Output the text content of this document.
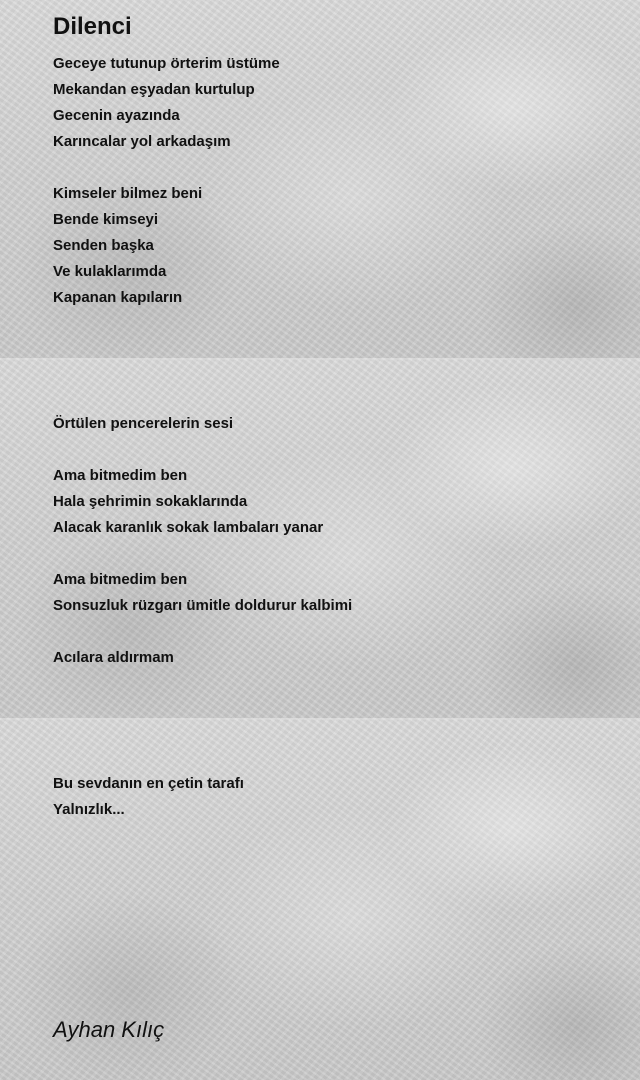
Dilenci
Geceye tutunup örterim üstüme
Mekandan eşyadan kurtulup
Gecenin ayazında
Karıncalar yol arkadaşım
Kimseler bilmez beni
Bende kimseyi
Senden başka
Ve kulaklarımda
Kapanan kapıların
Örtülen pencerelerin sesi
Ama bitmedim ben
Hala şehrimin sokaklarında
Alacak karanlık sokak lambaları yanar
Ama bitmedim ben
Sonsuzluk rüzgarı ümitle doldurur kalbimi
Acılara aldırmam
Bu sevdanın en çetin tarafı
Yalnızlık...

Ayhan Kılıç
